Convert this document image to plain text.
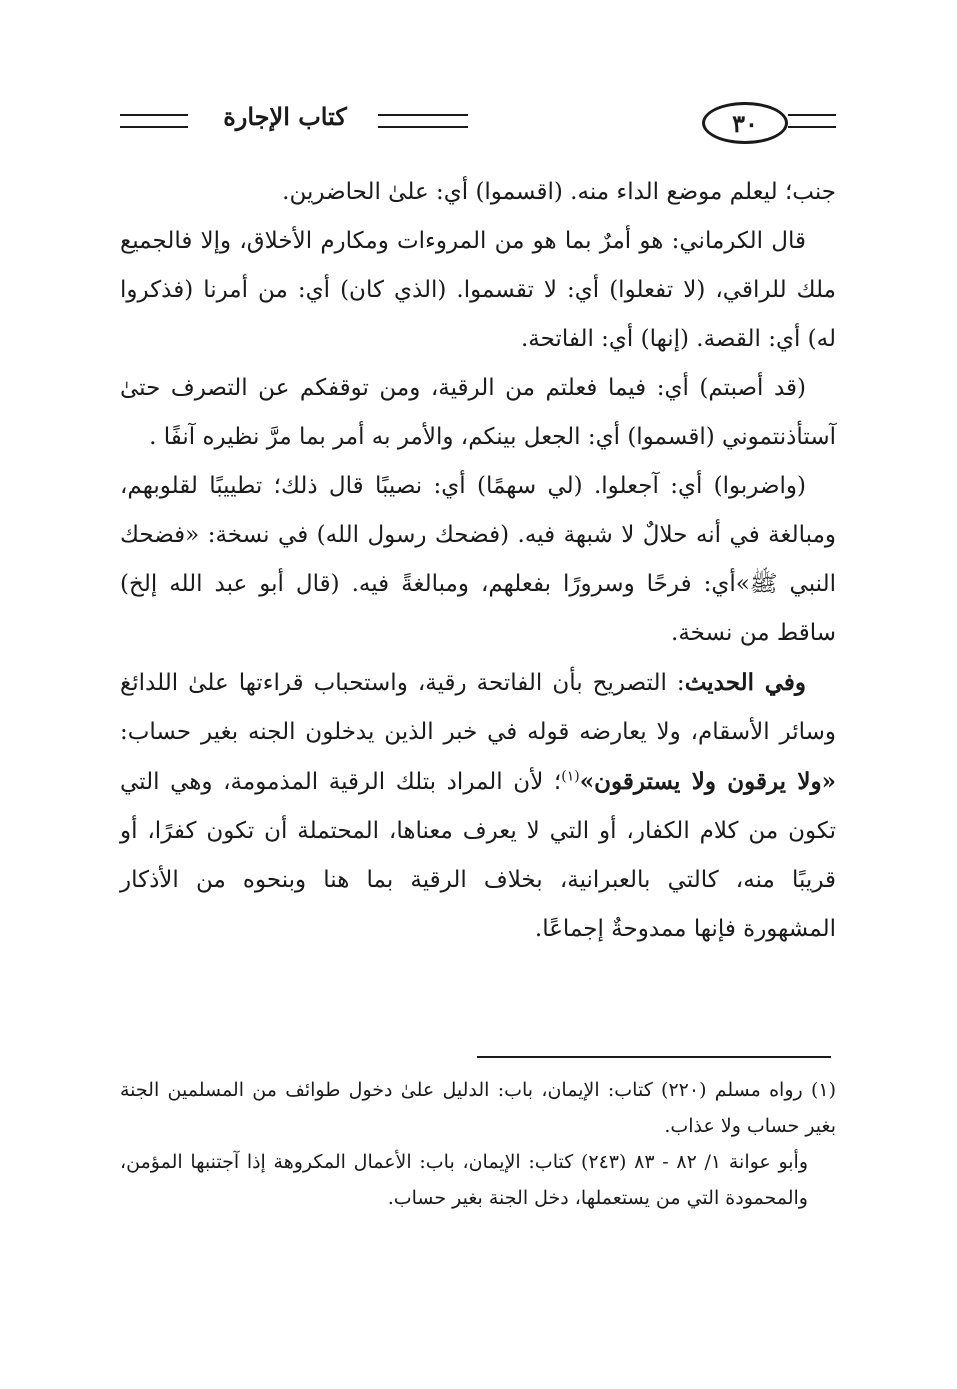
٣٠
كتاب الإجارة

جنب؛ ليعلم موضع الداء منه. (اقسموا) أي: علىٰ الحاضرين.

قال الكرماني: هو أمرٌ بما هو من المروءات ومكارم الأخلاق، وإلا فالجميع ملك للراقي، (لا تفعلوا) أي: لا تقسموا. (الذي كان) أي: من أمرنا (فذكروا له) أي: القصة. (إنها) أي: الفاتحة.

(قد أصبتم) أي: فيما فعلتم من الرقية، ومن توقفكم عن التصرف حتىٰ آستأذنتموني (اقسموا) أي: الجعل بينكم، والأمر به أمر بما مرَّ نظيره آنفًا .

(واضربوا) أي: آجعلوا. (لي سهمًا) أي: نصيبًا قال ذلك؛ تطييبًا لقلوبهم، ومبالغة في أنه حلالٌ لا شبهة فيه. (فضحك رسول الله) في نسخة: «فضحك النبي ﷺ»أي: فرحًا وسرورًا بفعلهم، ومبالغةً فيه. (قال أبو عبد الله إلخ) ساقط من نسخة.

وفي الحديث: التصريح بأن الفاتحة رقية، واستحباب قراءتها علىٰ اللدائغ وسائر الأسقام، ولا يعارضه قوله في خبر الذين يدخلون الجنه بغير حساب: «ولا يرقون ولا يسترقون»$^{(١)}$؛ لأن المراد بتلك الرقية المذمومة، وهي التي تكون من كلام الكفار، أو التي لا يعرف معناها، المحتملة أن تكون كفرًا، أو قريبًا منه، كالتي بالعبرانية، بخلاف الرقية بما هنا وبنحوه من الأذكار المشهورة فإنها ممدوحةٌ إجماعًا.

(١) رواه مسلم (٢٢٠) كتاب: الإيمان، باب: الدليل علىٰ دخول طوائف من المسلمين الجنة بغير حساب ولا عذاب.

وأبو عوانة ١/ ٨٢ - ٨٣ (٢٤٣) كتاب: الإيمان، باب: الأعمال المكروهة إذا آجتنبها المؤمن، والمحمودة التي من يستعملها، دخل الجنة بغير حساب.
